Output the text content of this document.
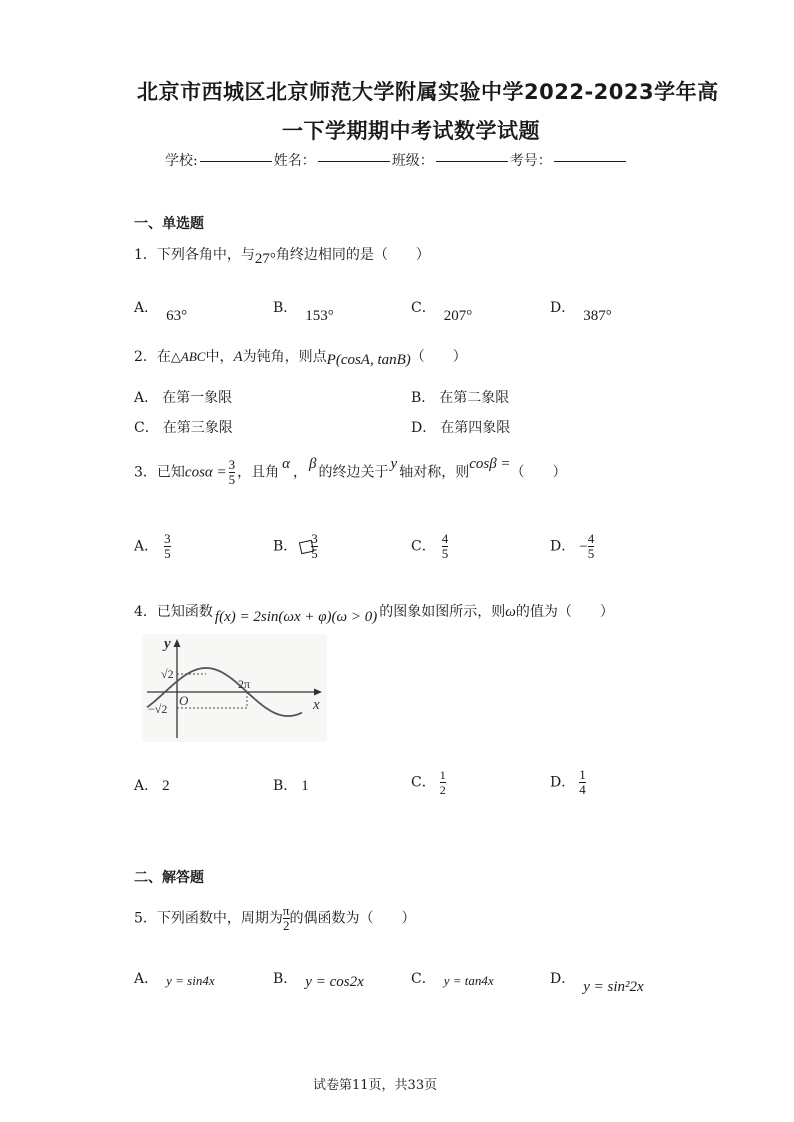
北京市西城区北京师范大学附属实验中学2022-2023学年高
一下学期期中考试数学试题
学校:	姓名：	班级：	考号：
一、单选题
1．下列各角中，与27°角终边相同的是（　　）
A． 63°	B． 153°	C． 207°	D． 387°
2．在△ABC中，A为钝角，则点P(cosA, tanB)（　　）
A． 在第一象限	B． 在第二象限
C． 在第三象限	D． 在第四象限
3．已知$\cos\alpha = \frac{3}{5}$ ，且角α，β的终边关于y轴对称，则cosβ =（　　）
A． $\frac{3}{5}$	B． $\frac{3}{5}$	C． $\frac{4}{5}$	D． − $\frac{4}{5}$
4．已知函数 f(x) = 2sin(ωx + φ)(ω > 0) 的图象如图所示，则ω的值为（　　）
y
x
O
√2
−√2
2π
A． 2	B． 1	C． $\frac{1}{2}$	D． $\frac{1}{4}$
二、解答题
5．下列函数中，周期为 $\frac{\pi}{2}$ 的偶函数为（　　）
A． y = sin4x	B． y = cos2x	C． y = tan4x	D． y = sin²2x
试卷第11页，共33页
